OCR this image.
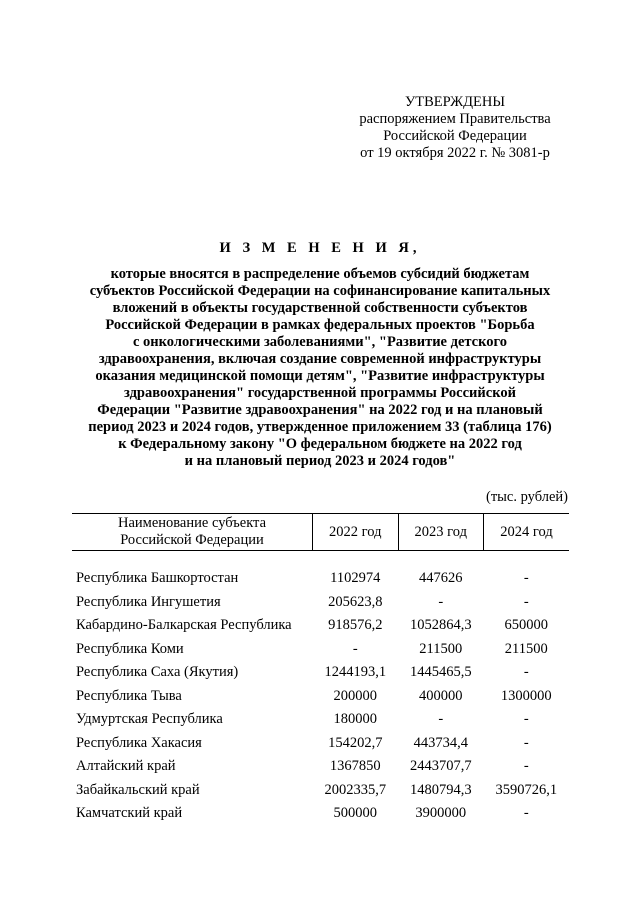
УТВЕРЖДЕНЫ
распоряжением Правительства
Российской Федерации
от 19 октября 2022 г. № 3081-р
И З М Е Н Е Н И Я,
которые вносятся в распределение объемов субсидий бюджетам
субъектов Российской Федерации на софинансирование капитальных
вложений в объекты государственной собственности субъектов
Российской Федерации в рамках федеральных проектов "Борьба
с онкологическими заболеваниями", "Развитие детского
здравоохранения, включая создание современной инфраструктуры
оказания медицинской помощи детям", "Развитие инфраструктуры
здравоохранения" государственной программы Российской
Федерации "Развитие здравоохранения" на 2022 год и на плановый
период 2023 и 2024 годов, утвержденное приложением 33 (таблица 176)
к Федеральному закону "О федеральном бюджете на 2022 год
и на плановый период 2023 и 2024 годов"
(тыс. рублей)
Наименование субъекта
Российской Федерации	2022 год	2023 год	2024 год

Республика Башкортостан	1102974	447626	-
Республика Ингушетия	205623,8	-	-
Кабардино-Балкарская Республика	918576,2	1052864,3	650000
Республика Коми	-	211500	211500
Республика Саха (Якутия)	1244193,1	1445465,5	-
Республика Тыва	200000	400000	1300000
Удмуртская Республика	180000	-	-
Республика Хакасия	154202,7	443734,4	-
Алтайский край	1367850	2443707,7	-
Забайкальский край	2002335,7	1480794,3	3590726,1
Камчатский край	500000	3900000	-
